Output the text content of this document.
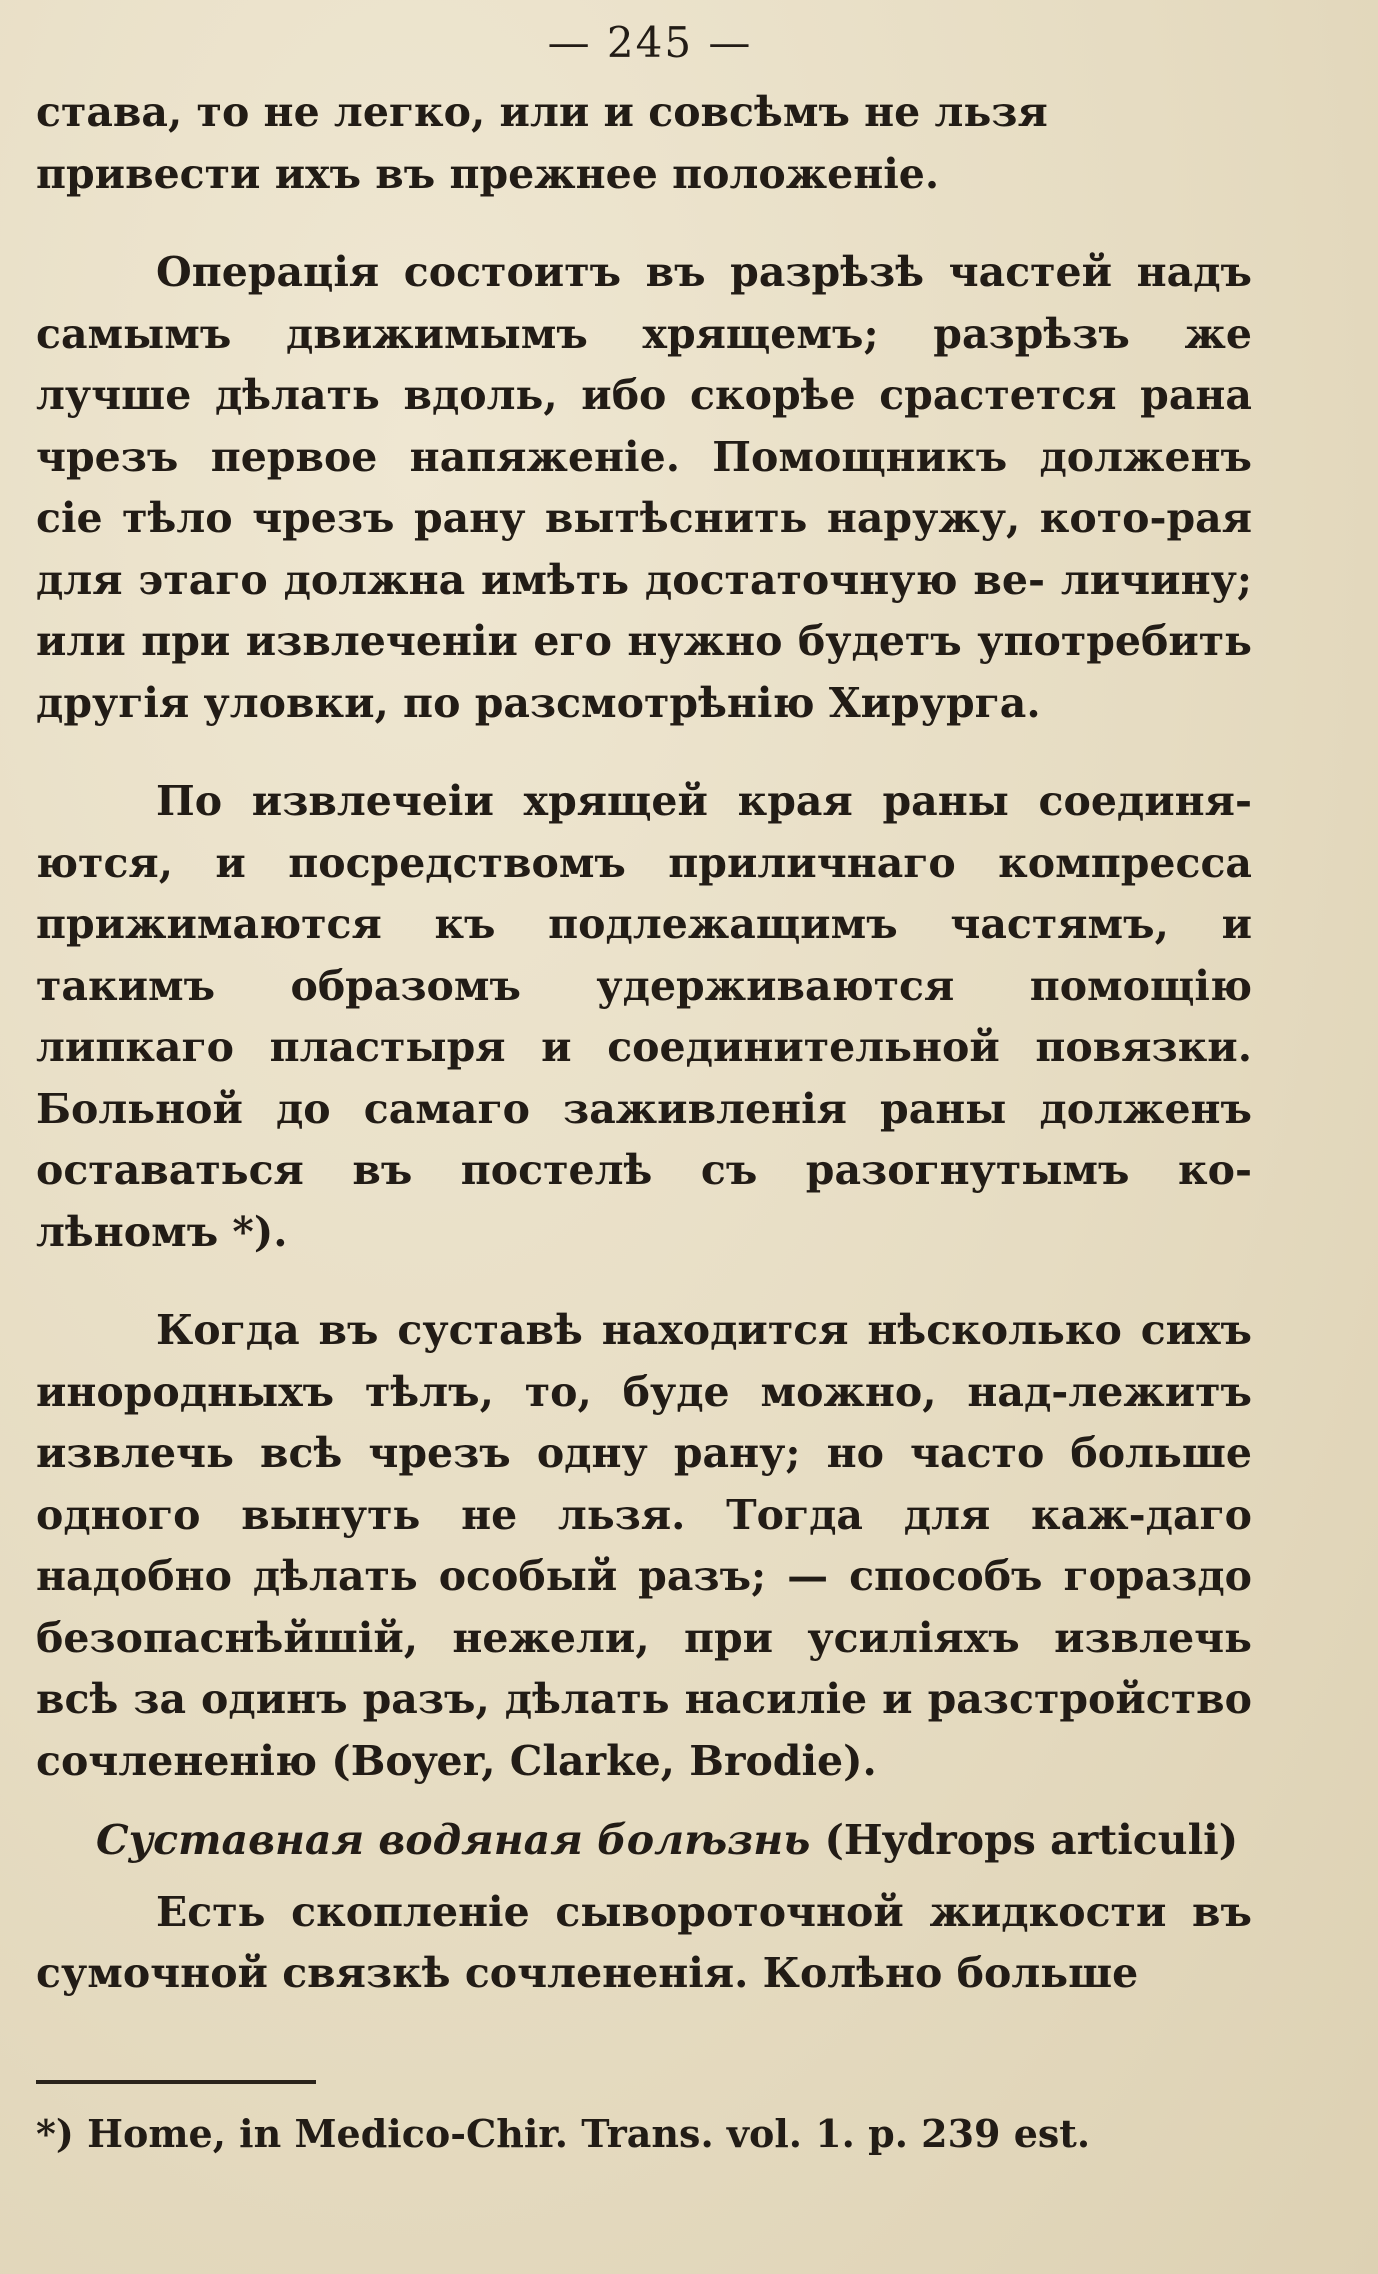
— 245 —

става, то не легко, или и совсѣмъ не льзя
привести ихъ въ прежнее положеніе.

Операція состоитъ въ разрѣзѣ частей надъ самымъ движимымъ хрящемъ; разрѣзъ же лучше дѣлать вдоль, ибо скорѣе срастется рана чрезъ первое напяженіе. Помощникъ долженъ сіе тѣло чрезъ рану вытѣснить наружу, кото-рая для этаго должна имѣть достаточную ве- личину; или при извлеченіи его нужно будетъ употребить другія уловки, по разсмотрѣнію Хирурга.

По извлечеіи хрящей края раны соединя-ются, и посредствомъ приличнаго компресса прижимаются къ подлежащимъ частямъ, и такимъ образомъ удерживаются помощію липкаго пластыря и соединительной повязки. Больной до самаго заживленія раны долженъ оставаться въ постелѣ съ разогнутымъ ко-лѣномъ *).

Когда въ суставѣ находится нѣсколько сихъ инородныхъ тѣлъ, то, буде можно, над-лежитъ извлечь всѣ чрезъ одну рану; но часто больше одного вынуть не льзя. Тогда для каж-даго надобно дѣлать особый разъ; — способъ гораздо безопаснѣйшій, нежели, при усиліяхъ извлечь всѣ за одинъ разъ, дѣлать насиліе и разстройство сочлененію (Boyer, Clarke, Brodie).

Суставная водяная болѣзнь (Hydrops articuli)

Есть скопленіе сывороточной жидкости въ сумочной связкѣ сочлененія. Колѣно больше

*) Home, in Medico-Chir. Trans. vol. 1. p. 239 est.
